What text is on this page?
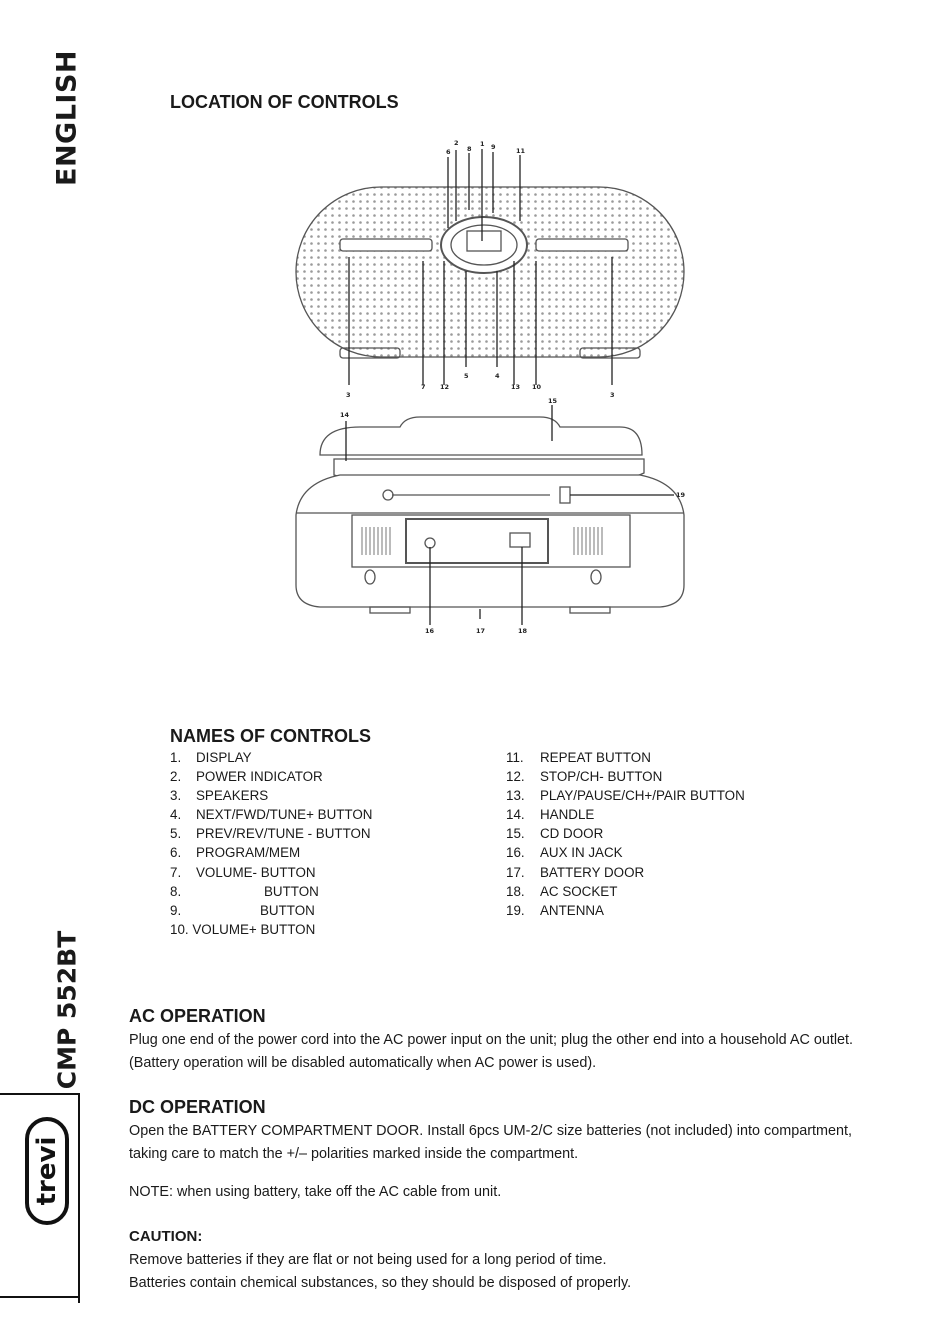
ENGLISH
CMP 552BT
trevi
LOCATION OF CONTROLS
2
6	8
1 9	11
3
7 12
5	4
13 10
3
14
15
19
16	17	18
NAMES OF CONTROLS
1. DISPLAY
2. POWER INDICATOR
3. SPEAKERS
4. NEXT/FWD/TUNE+ BUTTON
5. PREV/REV/TUNE - BUTTON
6. PROGRAM/MEM
7. VOLUME- BUTTON
8.	BUTTON
9.	BUTTON
10. VOLUME+ BUTTON
11. REPEAT BUTTON
12. STOP/CH- BUTTON
13. PLAY/PAUSE/CH+/PAIR BUTTON
14. HANDLE
15. CD DOOR
16. AUX IN JACK
17. BATTERY DOOR
18. AC SOCKET
19. ANTENNA
AC OPERATION

Plug one end of the power cord into the AC power input on the unit; plug the other end into a household AC outlet. (Battery operation will be disabled automatically when AC power is used).

DC OPERATION

Open the BATTERY COMPARTMENT DOOR. Install 6pcs UM-2/C size batteries (not included) into compartment, taking care to match the +/– polarities marked inside the compartment.

NOTE: when using battery, take off the AC cable from unit.

CAUTION:

Remove batteries if they are flat or not being used for a long period of time.
Batteries contain chemical substances, so they should be disposed of properly.
